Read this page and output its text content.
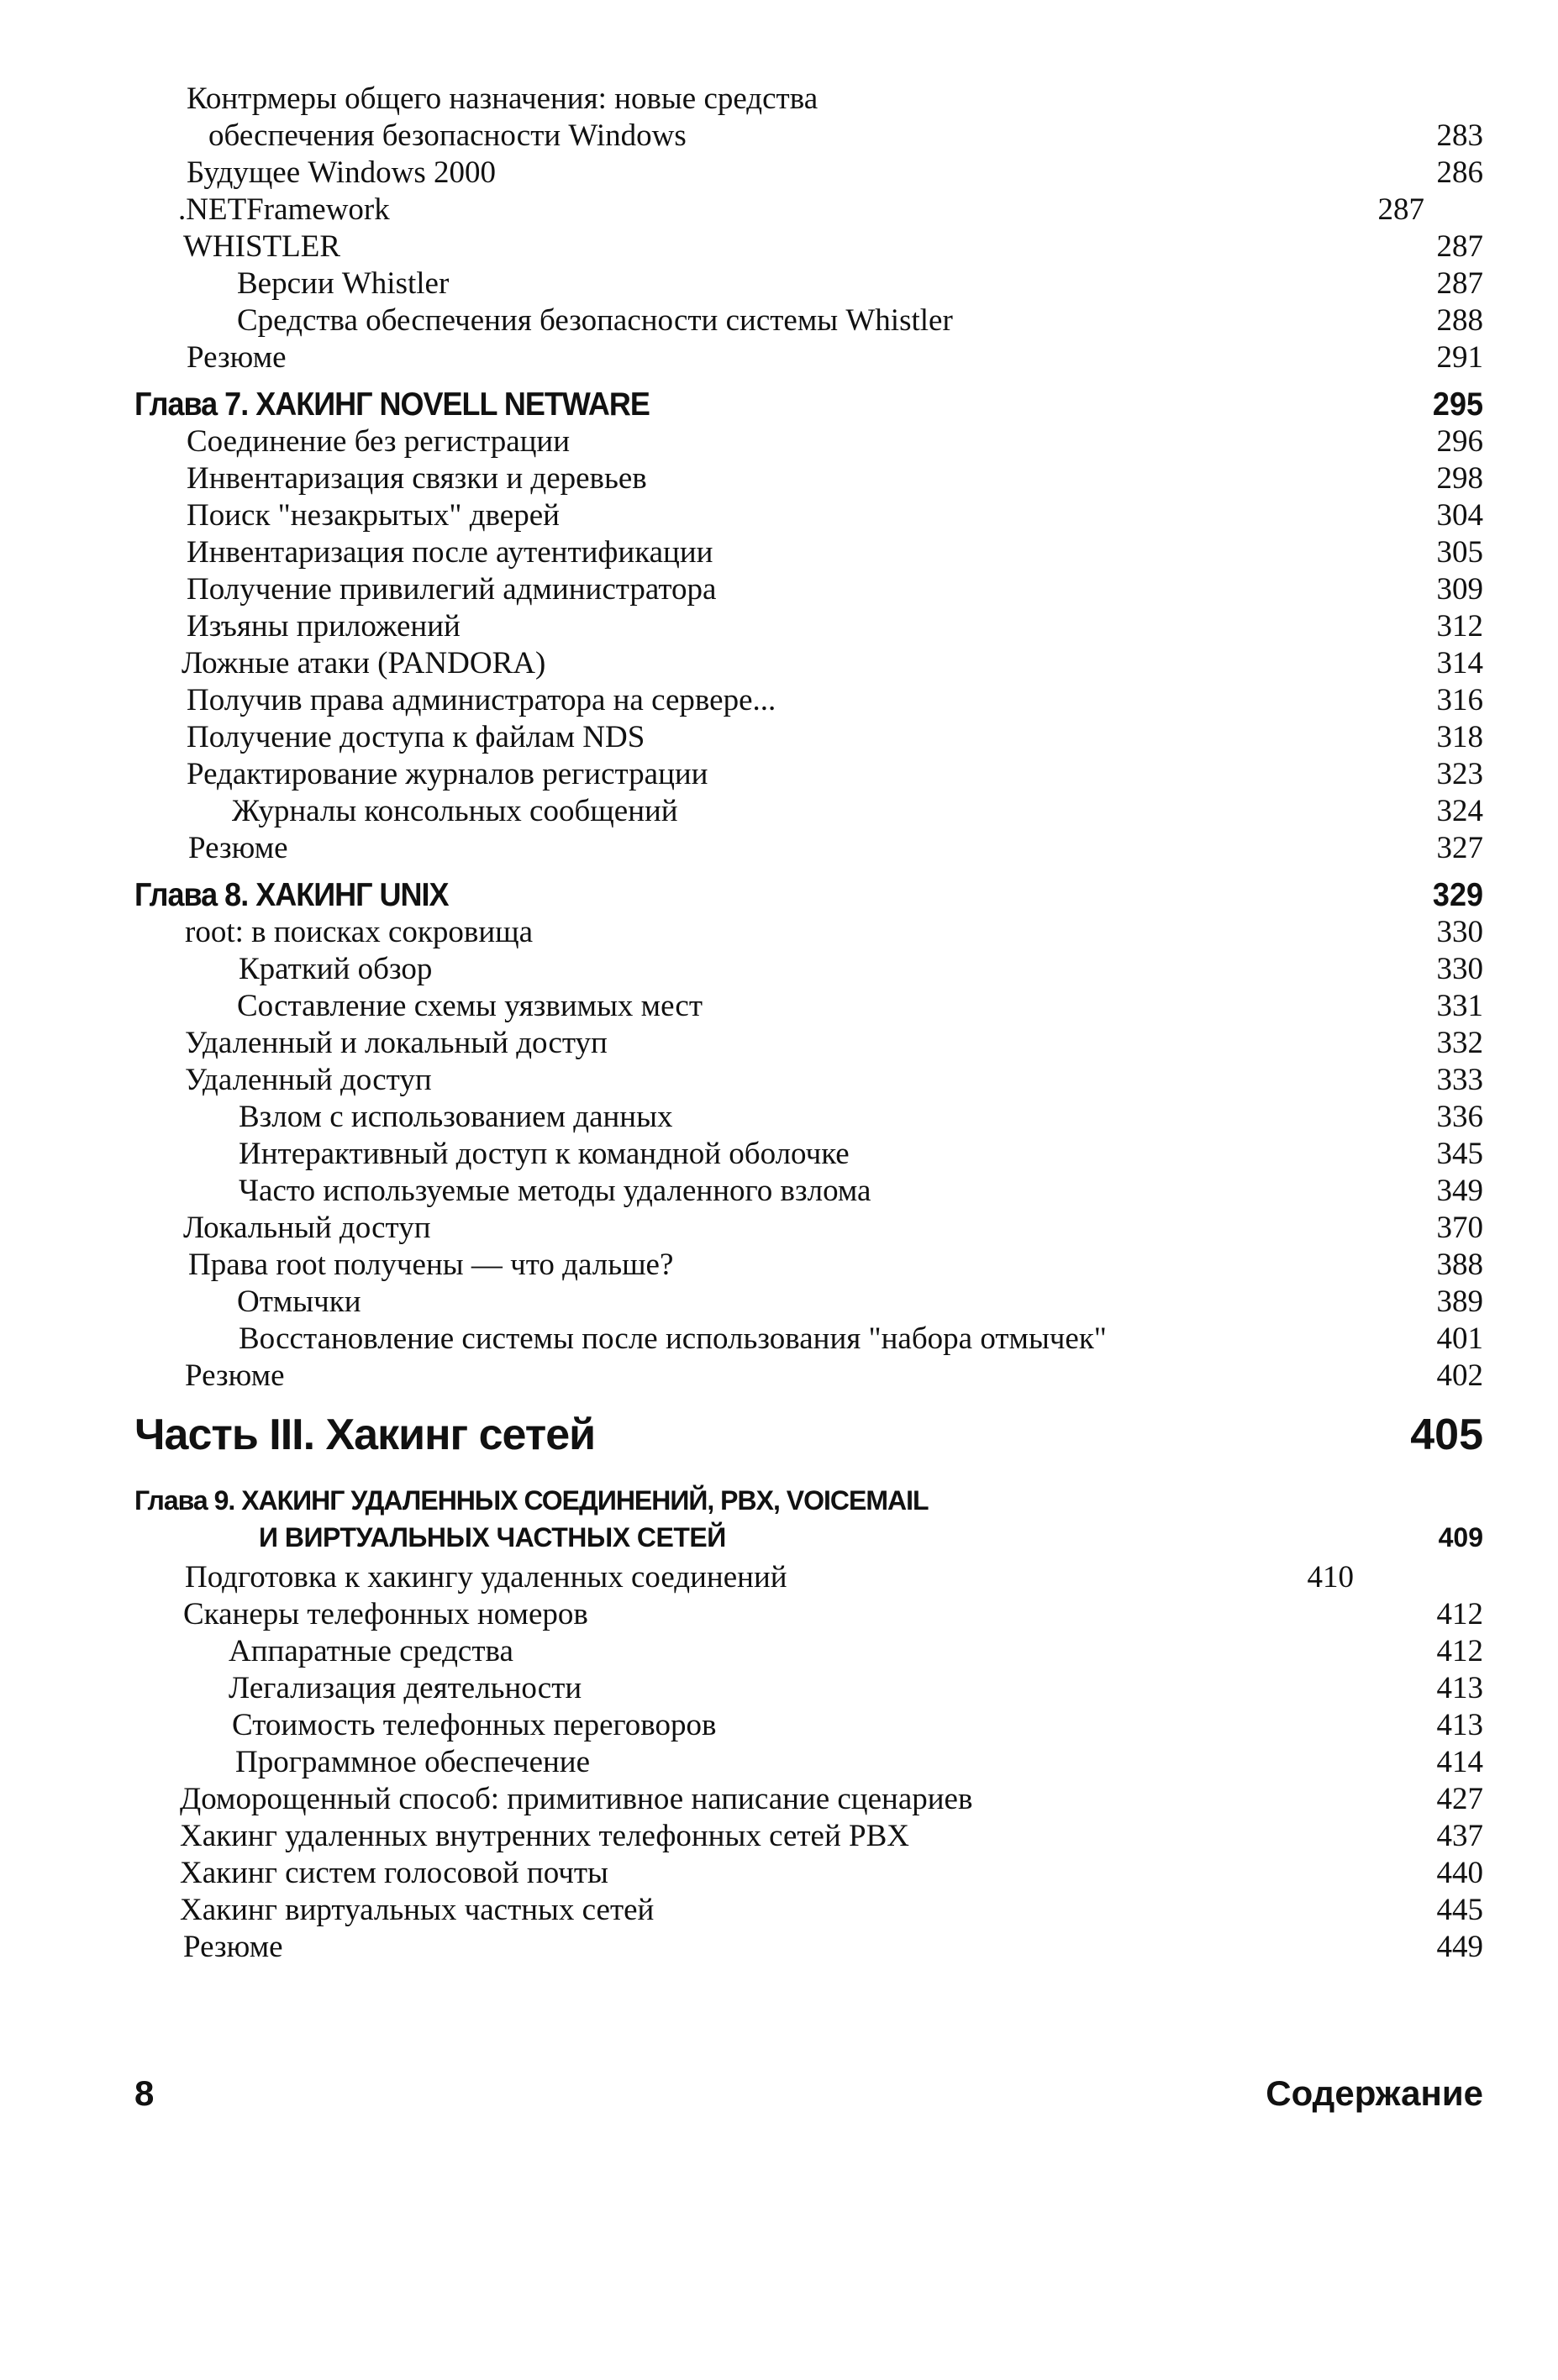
Контрмеры общего назначения: новые средства
обеспечения безопасности Windows	283
Будущее Windows 2000	286
.NETFramework	287
WHISTLER	287
Версии Whistler	287
Средства обеспечения безопасности системы Whistler	288
Резюме	291
Глава 7. ХАКИНГ NOVELL NETWARE	295
Соединение без регистрации	296
Инвентаризация связки и деревьев	298
Поиск "незакрытых" дверей	304
Инвентаризация после аутентификации	305
Получение привилегий администратора	309
Изъяны приложений	312
Ложные атаки (PANDORA)	314
Получив права администратора на сервере...	316
Получение доступа к файлам NDS	318
Редактирование журналов регистрации	323
Журналы консольных сообщений	324
Резюме	327
Глава 8. ХАКИНГ UNIX	329
root: в поисках сокровища	330
Краткий обзор	330
Составление схемы уязвимых мест	331
Удаленный и локальный доступ	332
Удаленный доступ	333
Взлом с использованием данных	336
Интерактивный доступ к командной оболочке	345
Часто используемые методы удаленного взлома	349
Локальный доступ	370
Права root получены — что дальше?	388
Отмычки	389
Восстановление системы после использования "набора отмычек"	401
Резюме	402
Часть III. Хакинг сетей	405
Глава 9. ХАКИНГ УДАЛЕННЫХ СОЕДИНЕНИЙ, PBX, VOICEMAIL
И ВИРТУАЛЬНЫХ ЧАСТНЫХ СЕТЕЙ	409
Подготовка к хакингу удаленных соединений	410
Сканеры телефонных номеров	412
Аппаратные средства	412
Легализация деятельности	413
Стоимость телефонных переговоров	413
Программное обеспечение	414
Доморощенный способ: примитивное написание сценариев	427
Хакинг удаленных внутренних телефонных сетей PBX	437
Хакинг систем голосовой почты	440
Хакинг виртуальных частных сетей	445
Резюме	449
8	Содержание
